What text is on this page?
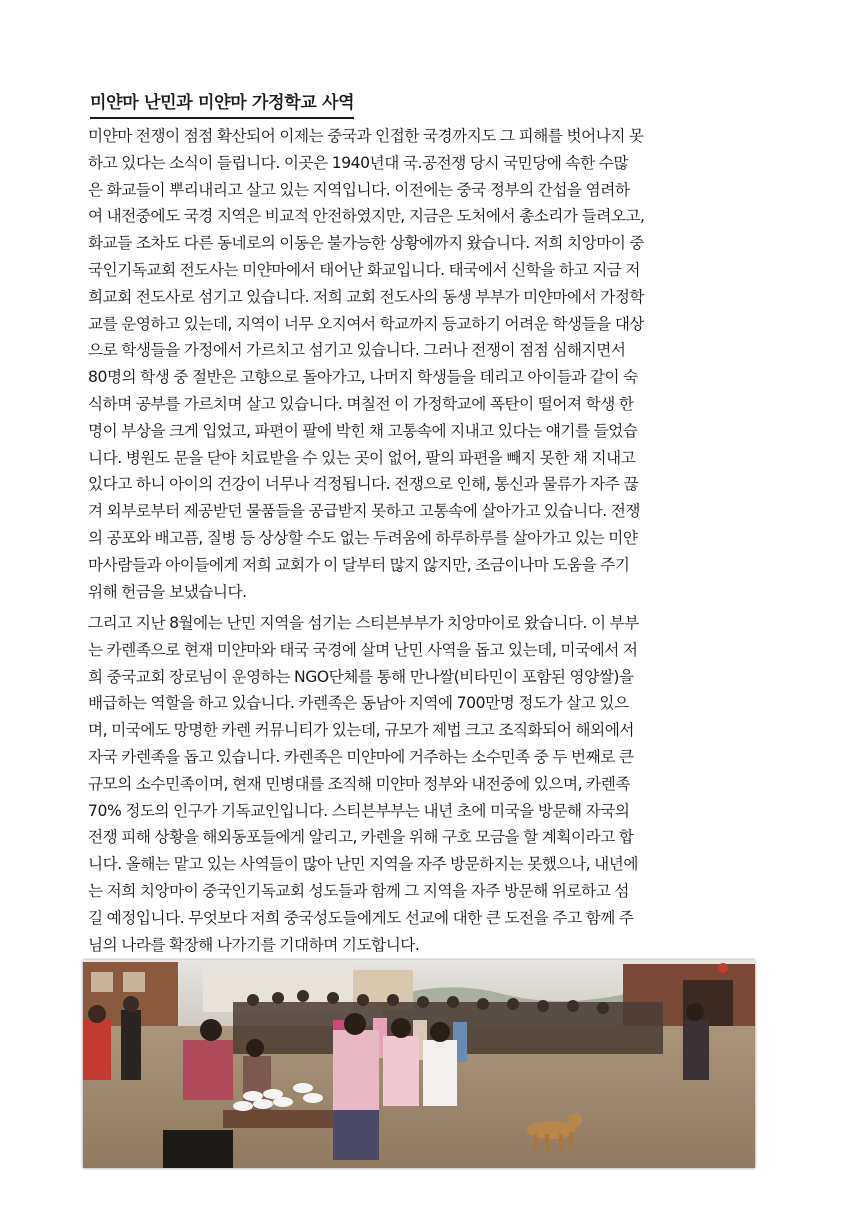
미얀마 난민과 미얀마 가정학교 사역
미얀마 전쟁이 점점 확산되어 이제는 중국과 인접한 국경까지도 그 피해를 벗어나지 못
하고 있다는 소식이 들립니다. 이곳은 1940년대 국.공전쟁 당시 국민당에 속한 수많
은 화교들이 뿌리내리고 살고 있는 지역입니다. 이전에는 중국 정부의 간섭을 염려하
여 내전중에도 국경 지역은 비교적 안전하였지만, 지금은 도처에서 총소리가 들려오고,
화교들 조차도 다른 동네로의 이동은 불가능한 상황에까지 왔습니다. 저희 치앙마이 중
국인기독교회 전도사는 미얀마에서 태어난 화교입니다. 태국에서 신학을 하고 지금 저
희교회 전도사로 섬기고 있습니다. 저희 교회 전도사의 동생 부부가 미얀마에서 가정학
교를 운영하고 있는데, 지역이 너무 오지여서 학교까지 등교하기 어려운 학생들을 대상
으로 학생들을 가정에서 가르치고 섬기고 있습니다. 그러나 전쟁이 점점 심해지면서
80명의 학생 중 절반은 고향으로 돌아가고, 나머지 학생들을 데리고 아이들과 같이 숙
식하며 공부를 가르치며 살고 있습니다. 며칠전 이 가정학교에 폭탄이 떨어져 학생 한
명이 부상을 크게 입었고, 파편이 팔에 박힌 채 고통속에 지내고 있다는 얘기를 들었습
니다. 병원도 문을 닫아 치료받을 수 있는 곳이 없어, 팔의 파편을 빼지 못한 채 지내고
있다고 하니 아이의 건강이 너무나 걱정됩니다. 전쟁으로 인해, 통신과 물류가 자주 끊
겨 외부로부터 제공받던 물품들을 공급받지 못하고 고통속에 살아가고 있습니다. 전쟁
의 공포와 배고픔, 질병 등 상상할 수도 없는 두려움에 하루하루를 살아가고 있는 미얀
마사람들과 아이들에게 저희 교회가 이 달부터 많지 않지만, 조금이나마 도움을 주기
위해 헌금을 보냈습니다.
그리고 지난 8월에는 난민 지역을 섬기는 스티븐부부가 치앙마이로 왔습니다. 이 부부
는 카렌족으로 현재 미얀마와 태국 국경에 살며 난민 사역을 돕고 있는데, 미국에서 저
희 중국교회 장로님이 운영하는 NGO단체를 통해 만나쌀(비타민이 포함된 영양쌀)을
배급하는 역할을 하고 있습니다. 카렌족은 동남아 지역에 700만명 정도가 살고 있으
며, 미국에도 망명한 카렌 커뮤니티가 있는데, 규모가 제법 크고 조직화되어 해외에서
자국 카렌족을 돕고 있습니다. 카렌족은 미얀마에 거주하는 소수민족 중 두 번째로 큰
규모의 소수민족이며, 현재 민병대를 조직해 미얀마 정부와 내전중에 있으며, 카렌족
70% 정도의 인구가 기독교인입니다. 스티븐부부는 내년 초에 미국을 방문해 자국의
전쟁 피해 상황을 해외동포들에게 알리고, 카렌을 위해 구호 모금을 할 계획이라고 합
니다. 올해는 맡고 있는 사역들이 많아 난민 지역을 자주 방문하지는 못했으나, 내년에
는 저희 치앙마이 중국인기독교회 성도들과 함께 그 지역을 자주 방문해 위로하고 섬
길 예정입니다. 무엇보다 저희 중국성도들에게도 선교에 대한 큰 도전을 주고 함께 주
님의 나라를 확장해 나가기를 기대하며 기도합니다.
